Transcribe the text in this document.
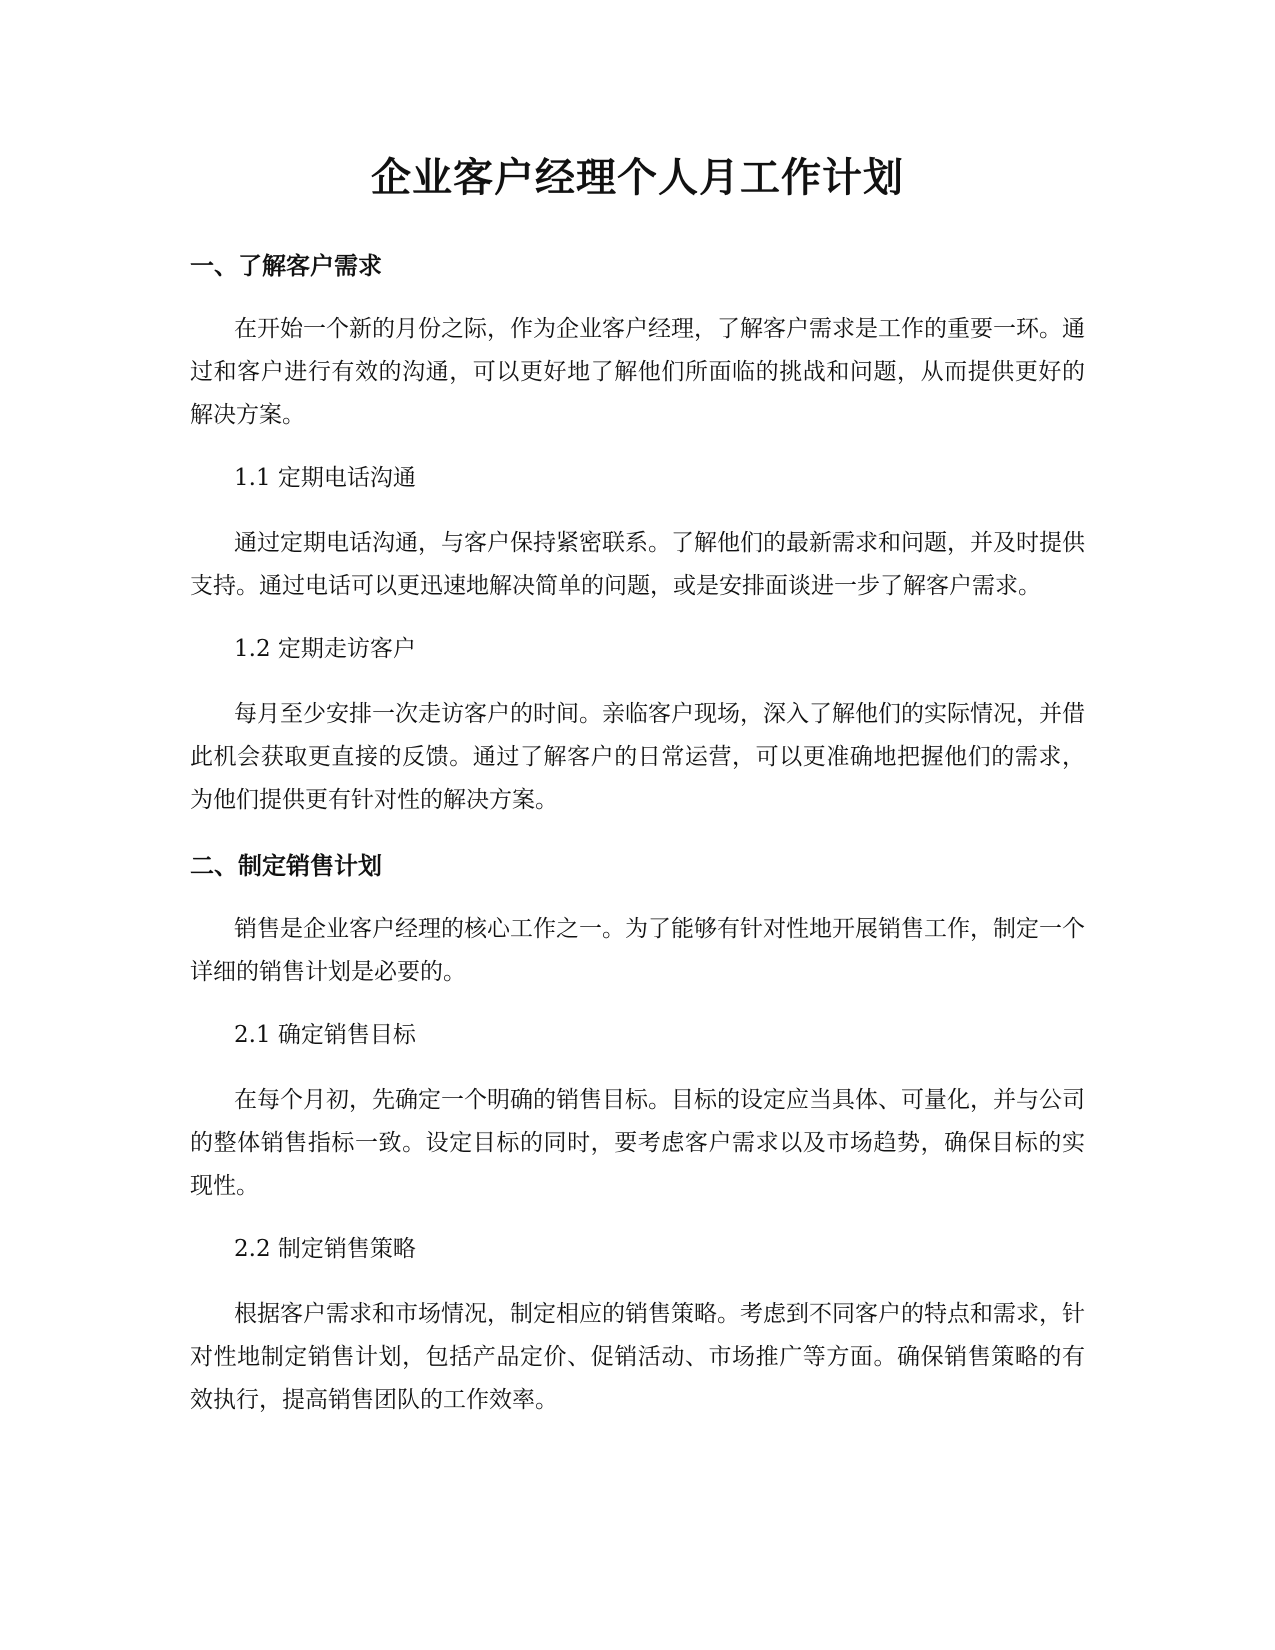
企业客户经理个人月工作计划
一、了解客户需求

在开始一个新的月份之际，作为企业客户经理，了解客户需求是工作的重要一环。通过和客户进行有效的沟通，可以更好地了解他们所面临的挑战和问题，从而提供更好的解决方案。

1.1 定期电话沟通

通过定期电话沟通，与客户保持紧密联系。了解他们的最新需求和问题，并及时提供支持。通过电话可以更迅速地解决简单的问题，或是安排面谈进一步了解客户需求。

1.2 定期走访客户

每月至少安排一次走访客户的时间。亲临客户现场，深入了解他们的实际情况，并借此机会获取更直接的反馈。通过了解客户的日常运营，可以更准确地把握他们的需求，为他们提供更有针对性的解决方案。

二、制定销售计划

销售是企业客户经理的核心工作之一。为了能够有针对性地开展销售工作，制定一个详细的销售计划是必要的。

2.1 确定销售目标

在每个月初，先确定一个明确的销售目标。目标的设定应当具体、可量化，并与公司的整体销售指标一致。设定目标的同时，要考虑客户需求以及市场趋势，确保目标的实现性。

2.2 制定销售策略

根据客户需求和市场情况，制定相应的销售策略。考虑到不同客户的特点和需求，针对性地制定销售计划，包括产品定价、促销活动、市场推广等方面。确保销售策略的有效执行，提高销售团队的工作效率。
